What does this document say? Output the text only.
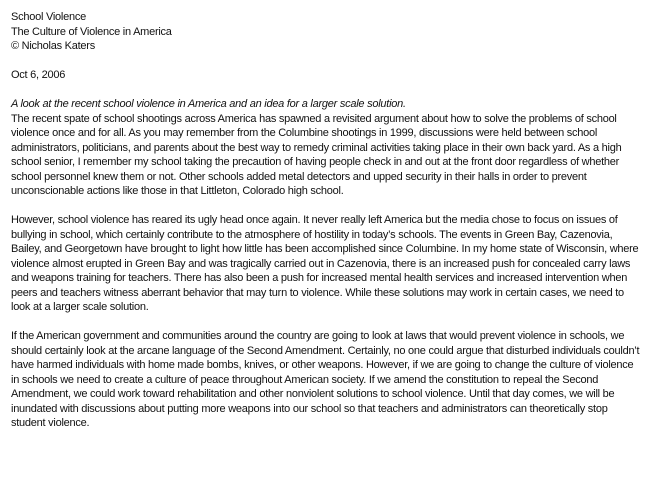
School Violence
The Culture of Violence in America
© Nicholas Katers
Oct 6, 2006
A look at the recent school violence in America and an idea for a larger scale solution.

The recent spate of school shootings across America has spawned a revisited argument about how to solve the problems of school violence once and for all. As you may remember from the Columbine shootings in 1999, discussions were held between school administrators, politicians, and parents about the best way to remedy criminal activities taking place in their own back yard. As a high school senior, I remember my school taking the precaution of having people check in and out at the front door regardless of whether school personnel knew them or not. Other schools added metal detectors and upped security in their halls in order to prevent unconscionable actions like those in that Littleton, Colorado high school.

However, school violence has reared its ugly head once again. It never really left America but the media chose to focus on issues of bullying in school, which certainly contribute to the atmosphere of hostility in today’s schools. The events in Green Bay, Cazenovia, Bailey, and Georgetown have brought to light how little has been accomplished since Columbine. In my home state of Wisconsin, where violence almost erupted in Green Bay and was tragically carried out in Cazenovia, there is an increased push for concealed carry laws and weapons training for teachers. There has also been a push for increased mental health services and increased intervention when peers and teachers witness aberrant behavior that may turn to violence. While these solutions may work in certain cases, we need to look at a larger scale solution.

If the American government and communities around the country are going to look at laws that would prevent violence in schools, we should certainly look at the arcane language of the Second Amendment. Certainly, no one could argue that disturbed individuals couldn’t have harmed individuals with home made bombs, knives, or other weapons. However, if we are going to change the culture of violence in schools we need to create a culture of peace throughout American society. If we amend the constitution to repeal the Second Amendment, we could work toward rehabilitation and other nonviolent solutions to school violence. Until that day comes, we will be inundated with discussions about putting more weapons into our school so that teachers and administrators can theoretically stop student violence.
